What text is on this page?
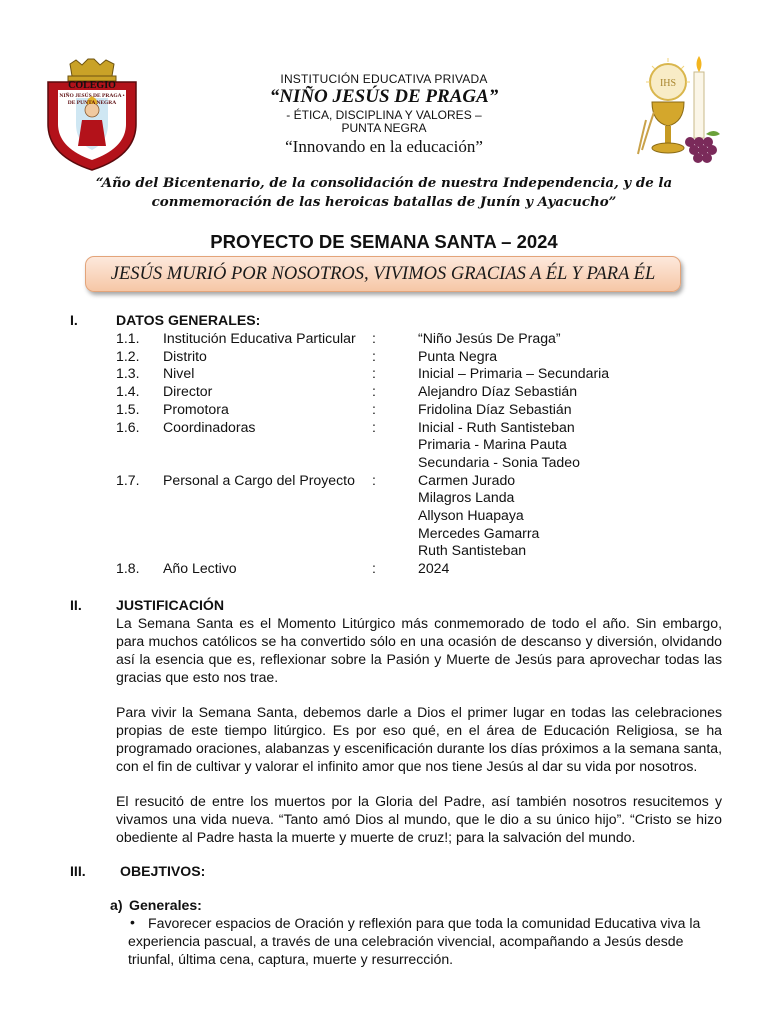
COLEGIO
NIÑO JESÚS DE PRAGA • DE PUNTA NEGRA
IHS
INSTITUCIÓN EDUCATIVA PRIVADA
“NIÑO JESÚS DE PRAGA”
- ÉTICA, DISCIPLINA Y VALORES –
PUNTA NEGRA
“Innovando en la educación”
“Año del Bicentenario, de la consolidación de nuestra Independencia, y de la
conmemoración de las heroicas batallas de Junín y Ayacucho”
PROYECTO DE SEMANA SANTA – 2024
JESÚS MURIÓ POR NOSOTROS, VIVIMOS GRACIAS A ÉL Y PARA ÉL
I.	DATOS GENERALES:
1.1. Institución Educativa Particular :	“Niño Jesús De Praga”
1.2. Distrito	:	Punta Negra
1.3. Nivel	:	Inicial – Primaria – Secundaria
1.4. Director	:	Alejandro Díaz Sebastián
1.5. Promotora	:	Fridolina Díaz Sebastián
1.6. Coordinadoras	:	Inicial - Ruth Santisteban
Primaria - Marina Pauta
Secundaria - Sonia Tadeo
1.7. Personal a Cargo del Proyecto :	Carmen Jurado
Milagros Landa
Allyson Huapaya
Mercedes Gamarra
Ruth Santisteban
1.8. Año Lectivo	:	2024
II. JUSTIFICACIÓN
La Semana Santa es el Momento Litúrgico más conmemorado de todo el año. Sin embargo, para muchos católicos se ha convertido sólo en una ocasión de descanso y diversión, olvidando así la esencia que es, reflexionar sobre la Pasión y Muerte de Jesús para aprovechar todas las gracias que esto nos trae.
Para vivir la Semana Santa, debemos darle a Dios el primer lugar en todas las celebraciones propias de este tiempo litúrgico. Es por eso qué, en el área de Educación Religiosa, se ha programado oraciones, alabanzas y escenificación durante los días próximos a la semana santa, con el fin de cultivar y valorar el infinito amor que nos tiene Jesús al dar su vida por nosotros.
El resucitó de entre los muertos por la Gloria del Padre, así también nosotros resucitemos y vivamos una vida nueva. “Tanto amó Dios al mundo, que le dio a su único hijo”. “Cristo se hizo obediente al Padre hasta la muerte y muerte de cruz!; para la salvación del mundo.
III. OBEJTIVOS:
a) Generales:
• Favorecer espacios de Oración y reflexión para que toda la comunidad Educativa viva la experiencia pascual, a través de una celebración vivencial, acompañando a Jesús desde triunfal, última cena, captura, muerte y resurrección.
